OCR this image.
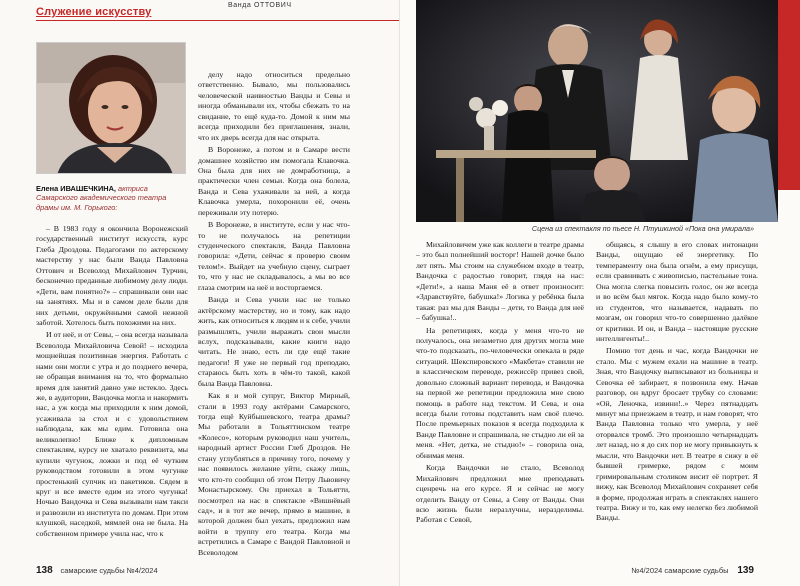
Служение искусству
Ванда ОТТОВИЧ
Елена ИВАШЕЧКИНА, актриса Самарского академического театра драмы им. М. Горького:

– В 1983 году я окончила Воронежский государственный институт искусств, курс Глеба Дроздова. Педагогами по актерскому мастерству у нас были Ванда Павловна Оттович и Всеволод Михайлович Турчин, бесконечно преданные любимому делу люди. «Дети, вам понятно?» – спрашивали они нас на занятиях. Мы и в самом деле были для них детьми, окружёнными самой нежной заботой. Хотелось быть похожими на них.

И от неё, и от Севы, – она всегда называла Всеволода Михайловича Севой! – исходила мощнейшая позитивная энергия. Работать с нами они могли с утра и до позднего вечера, не обращая внимания на то, что формально время для занятий давно уже истекло. Здесь же, в аудитории, Вандочка могла и накормить нас, а уж когда мы приходили к ним домой, усаживала за стол и с удовольствием наблюдала, как мы едим. Готовила она великолепно! Ближе к дипломным спектаклям, курсу не хватало реквизита, мы купили чугунок, ложки и под её чутким руководством готовили в этом чугунке простенький супчик из пакетиков. Сядем в круг и все вместе едим из этого чугунка! Ночью Вандочка и Сева вызывали нам такси и развозили из института по домам. При этом клушкой, наседкой, мямлей она не была. На собственном примере учила нас, что к

делу надо относиться предельно ответственно. Бывало, мы пользовались человеческой наивностью Ванды и Севы и иногда обманывали их, чтобы сбежать то на свидание, то ещё куда-то. Домой к ним мы всегда приходили без приглашения, знали, что их дверь всегда для нас открыта.

В Воронеже, а потом и в Самаре вести домашнее хозяйство им помогала Клавочка. Она была для них не домработница, а практически член семьи. Когда она болела, Ванда и Сева ухаживали за ней, а когда Клавочка умерла, похоронили её, очень переживали эту потерю.

В Воронеже, в институте, если у нас что-то не получалось на репетиции студенческого спектакля, Ванда Павловна говорила: «Дети, сейчас я проверю своим телом!». Выйдет на учебную сцену, сыграет то, что у нас не складывалось, а мы во все глаза смотрим на неё и восторгаемся.

Ванда и Сева учили нас не только актёрскому мастерству, но и тому, как надо жить, как относиться к людям и к себе, учили размышлять, учили выражать свои мысли вслух, подсказывали, какие книги надо читать. Не знаю, есть ли где ещё такие педагоги! Я уже не первый год преподаю, стараюсь быть хоть в чём-то такой, какой была Ванда Павловна.

Как я и мой супруг, Виктор Мирный, стали в 1993 году актёрами Самарского, тогда ещё Куйбышевского, театра драмы? Мы работали в Тольяттинском театре «Колесо», которым руководил наш учитель, народный артист России Глеб Дроздов. Не стану углубляться в причину того, почему у нас появилось желание уйти, скажу лишь, что кто-то сообщил об этом Петру Львовичу Монастырскому. Он приехал в Тольятти, посмотрел на нас в спектакле «Вишнёвый сад», и в тот же вечер, прямо в машине, в которой должен был уехать, предложил нам войти в труппу его театра. Когда мы встретились в Самаре с Вандой Павловной и Всеволодом

138 самарские судьбы №4/2024
Сцена из спектакля по пьесе Н. Птушкиной «Пока она умирала»

Михайловичем уже как коллеги в театре драмы – это был полнейший восторг! Нашей дочке было лет пять. Мы стоим на служебном входе в театр, Вандочка с радостью говорит, глядя на нас: «Дети!», а наша Маня её в ответ произносит: «Здравствуйте, бабушка!» Логика у ребёнка была такая: раз мы для Ванды – дети, то Ванда для неё – бабушка!..

На репетициях, когда у меня что-то не получалось, она незаметно для других могла мне что-то подсказать, по-человечески опекала в ряде ситуаций. Шекспировского «Макбета» ставили не в классическом переводе, режиссёр привез свой, довольно сложный вариант перевода, и Вандочка на первой же репетиции предложила мне свою помощь в работе над текстом. И Сева, и она всегда были готовы подставить нам своё плечо. После премьерных показов я всегда подходила к Ванде Павловне и спрашивала, не стыдно ли ей за меня. «Нет, детка, не стыдно!» – говорила она, обнимая меня.

Когда Вандочки не стало, Всеволод Михайлович предложил мне преподавать сценречь на его курсе. Я и сейчас не могу отделить Ванду от Севы, а Севу от Ванды. Они всю жизнь были неразлучны, неразделимы. Работая с Севой,

общаясь, я слышу в его словах интонации Ванды, ощущаю её энергетику. По темпераменту она была огнём, а ему присущи, если сравнивать с живописью, пастельные тона. Она могла слегка повысить голос, он же всегда и во всём был мягок. Когда надо было кому-то из студентов, что называется, надавать по мозгам, он говорил что-то совершенно далёкое от критики. И он, и Ванда – настоящие русские интеллигенты!..

Помню тот день и час, когда Вандочки не стало. Мы с мужем ехали на машине в театр. Зная, что Вандочку выписывают из больницы и Севочка её забирает, я позвонила ему. Начав разговор, он вдруг бросает трубку со словами: «Ой, Леночка, извини!..» Через пятнадцать минут мы приезжаем в театр, и нам говорят, что Ванда Павловна только что умерла, у неё оторвался тромб. Это произошло четырнадцать лет назад, но я до сих пор не могу привыкнуть к мысли, что Вандочки нет. В театре я сижу в её бывшей гримерке, рядом с моим гримировальным столиком висит её портрет. Я вижу, как Всеволод Михайлович сохраняет себя в форме, продолжая играть в спектаклях нашего театра. Вижу и то, как ему нелегко без любимой Ванды.

№4/2024 самарские судьбы 139
